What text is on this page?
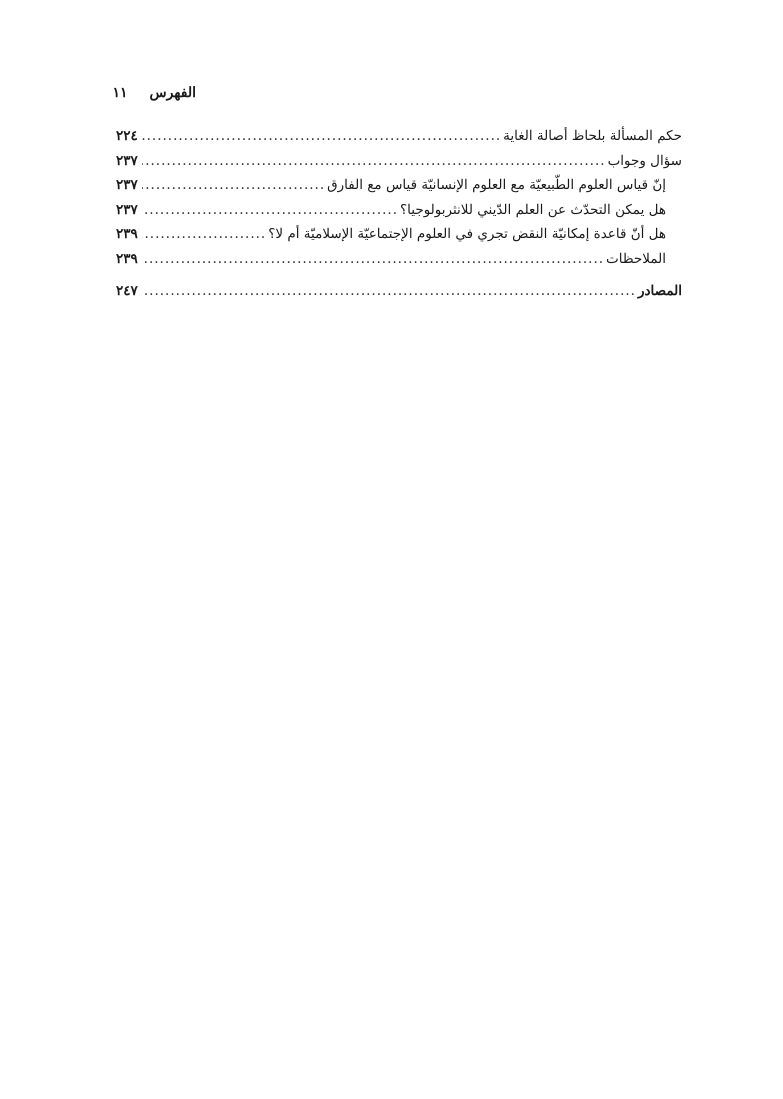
الفهرس
١١
حكم المسألة بلحاظ أصالة الغاية
.....
٢٢٤
سؤال وجواب
.....
٢٣٧
إنّ قياس العلوم الطّبيعيّة مع العلوم الإنسانيّة قياس مع الفارق
.....
٢٣٧
هل يمكن التحدّث عن العلم الدّيني للانثربولوجيا؟
.....
٢٣٧
هل أنّ قاعدة إمكانيّة النقض تجري في العلوم الإجتماعيّة الإسلاميّة أم لا؟
.....
٢٣٩
الملاحظات
.....
٢٣٩
المصادر
.....
٢٤٧
